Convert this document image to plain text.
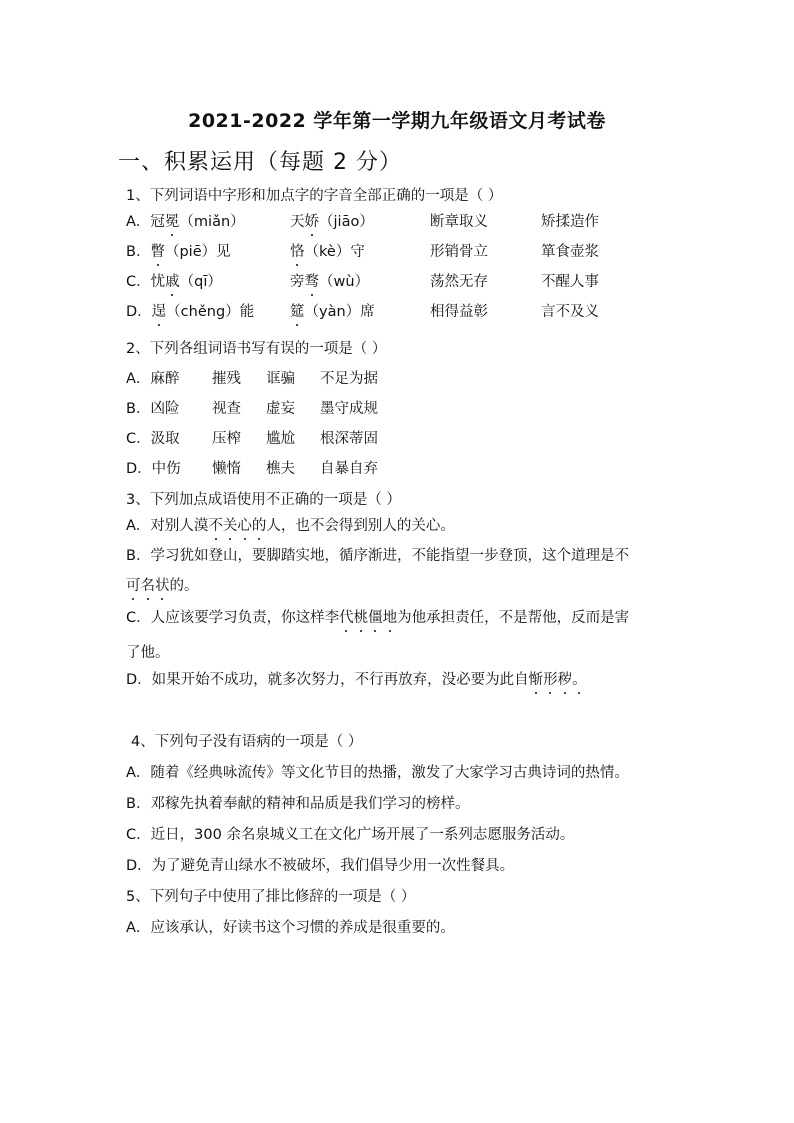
2021-2022 学年第一学期九年级语文月考试卷
一、积累运用（每题 2 分）
1、下列词语中字形和加点字的字音全部正确的一项是（ ）
A．冠冕（miǎn）	天娇（jiāo）	断章取义	矫揉造作
B．瞥（piē）见	恪（kè）守	形销骨立	箪食壶浆
C．忧戚（qī）	旁骛（wù）	荡然无存	不醒人事
D．逞（chěng）能 筵（yàn）席	相得益彰	言不及义
2、下列各组词语书写有误的一项是（ ）
A．麻醉 摧残 诓骗 不足为据
B．凶险 视查 虚妄 墨守成规
C．汲取 压榨 尴尬 根深蒂固
D．中伤 懒惰 樵夫 自暴自弃
3、下列加点成语使用不正确的一项是（ ）
A．对别人漠不关心的人，也不会得到别人的关心。
B．学习犹如登山，要脚踏实地，循序渐进，不能指望一步登顶，这个道理是不
可名状的。
C．人应该要学习负责，你这样李代桃僵地为他承担责任，不是帮他，反而是害
了他。
D．如果开始不成功，就多次努力，不行再放弃，没必要为此自惭形秽。
4、下列句子没有语病的一项是（ ）
A．随着《经典咏流传》等文化节目的热播，激发了大家学习古典诗词的热情。
B．邓稼先执着奉献的精神和品质是我们学习的榜样。
C．近日，300 余名泉城义工在文化广场开展了一系列志愿服务活动。
D．为了避免青山绿水不被破坏，我们倡导少用一次性餐具。
5、下列句子中使用了排比修辞的一项是（ ）
A．应该承认，好读书这个习惯的养成是很重要的。
